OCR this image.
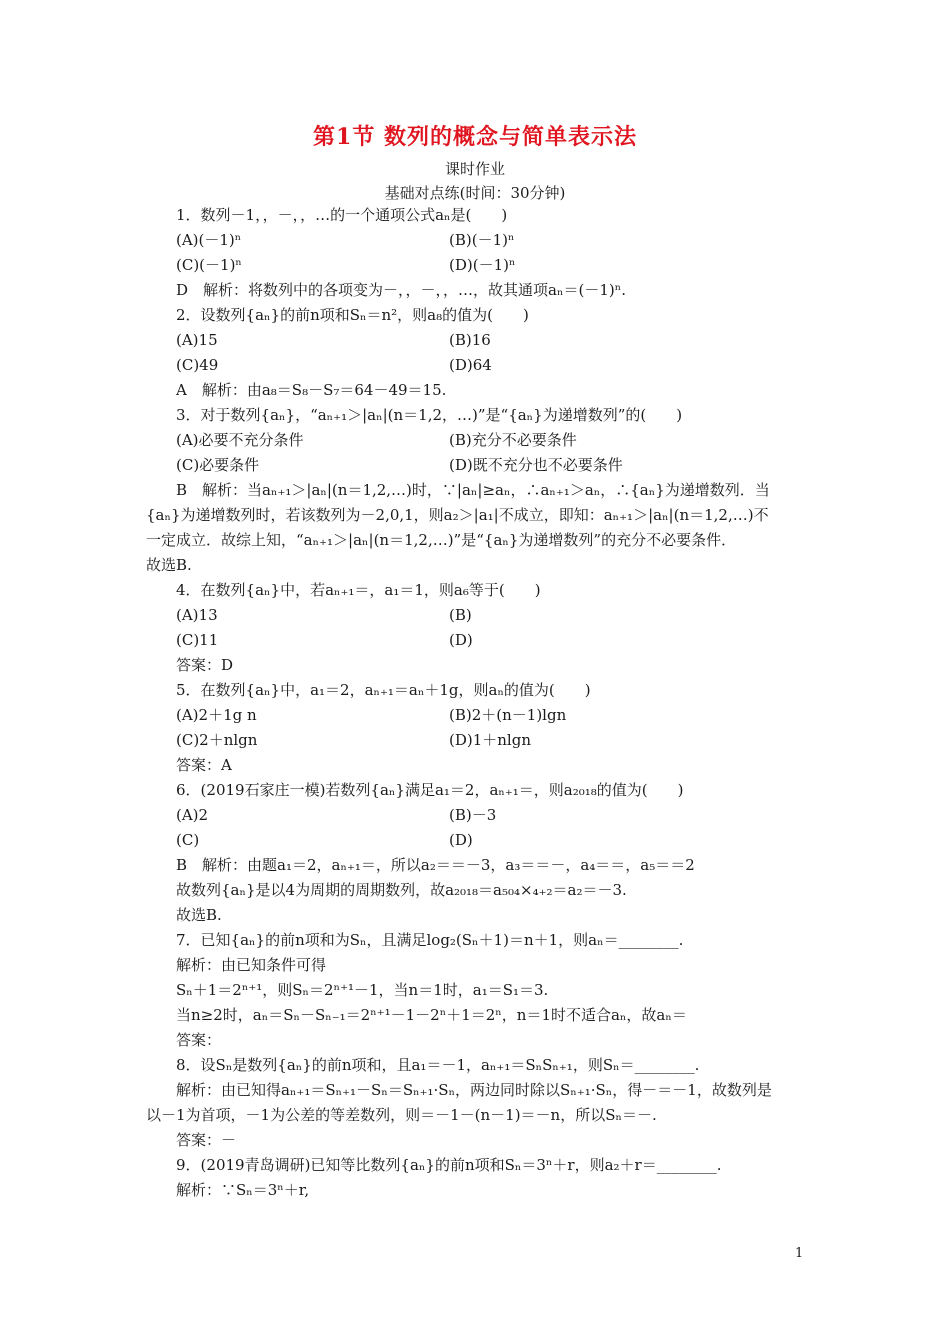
第1节 数列的概念与简单表示法
课时作业
基础对点练(时间：30分钟)
1．数列－1，，－，，…的一个通项公式aₙ是(　　)
(A)(－1)ⁿ	(B)(－1)ⁿ
(C)(－1)ⁿ	(D)(－1)ⁿ
D　解析：将数列中的各项变为－，，－，，…，故其通项aₙ＝(－1)ⁿ.
2．设数列{aₙ}的前n项和Sₙ＝n²，则a₈的值为(　　)
(A)15	(B)16
(C)49	(D)64
A　解析：由a₈＝S₈－S₇＝64－49＝15.
3．对于数列{aₙ}，“aₙ₊₁＞|aₙ|(n＝1,2，…)”是“{aₙ}为递增数列”的(　　)
(A)必要不充分条件	(B)充分不必要条件
(C)必要条件	(D)既不充分也不必要条件
B　解析：当aₙ₊₁＞|aₙ|(n＝1,2,…)时，∵|aₙ|≥aₙ，∴aₙ₊₁＞aₙ，∴{aₙ}为递增数列．当
{aₙ}为递增数列时，若该数列为－2,0,1，则a₂＞|a₁|不成立，即知：aₙ₊₁＞|aₙ|(n＝1,2,…)不
一定成立．故综上知，“aₙ₊₁＞|aₙ|(n＝1,2,…)”是“{aₙ}为递增数列”的充分不必要条件．
故选B.
4．在数列{aₙ}中，若aₙ₊₁＝，a₁＝1，则a₆等于(　　)
(A)13	(B)
(C)11	(D)
答案：D
5．在数列{aₙ}中，a₁＝2，aₙ₊₁＝aₙ＋1g，则aₙ的值为(　　)
(A)2＋1g n	(B)2＋(n－1)lgn
(C)2＋nlgn	(D)1＋nlgn
答案：A
6．(2019石家庄一模)若数列{aₙ}满足a₁＝2，aₙ₊₁＝，则a₂₀₁₈的值为(　　)
(A)2	(B)－3
(C)	(D)
B　解析：由题a₁＝2，aₙ₊₁＝，所以a₂＝＝－3，a₃＝＝－，a₄＝＝，a₅＝＝2
故数列{aₙ}是以4为周期的周期数列，故a₂₀₁₈＝a₅₀₄×₄₊₂＝a₂＝－3.
故选B.
7．已知{aₙ}的前n项和为Sₙ，且满足log₂(Sₙ＋1)＝n＋1，则aₙ＝________.
解析：由已知条件可得
Sₙ＋1＝2ⁿ⁺¹，则Sₙ＝2ⁿ⁺¹－1，当n＝1时，a₁＝S₁＝3.
当n≥2时，aₙ＝Sₙ－Sₙ₋₁＝2ⁿ⁺¹－1－2ⁿ＋1＝2ⁿ，n＝1时不适合aₙ，故aₙ＝
答案：
8．设Sₙ是数列{aₙ}的前n项和，且a₁＝－1，aₙ₊₁＝SₙSₙ₊₁，则Sₙ＝________.
解析：由已知得aₙ₊₁＝Sₙ₊₁－Sₙ＝Sₙ₊₁·Sₙ，两边同时除以Sₙ₊₁·Sₙ，得－＝－1，故数列是
以－1为首项，－1为公差的等差数列，则＝－1－(n－1)＝－n，所以Sₙ＝－.
答案：－
9．(2019青岛调研)已知等比数列{aₙ}的前n项和Sₙ＝3ⁿ＋r，则a₂＋r＝________.
解析：∵Sₙ＝3ⁿ＋r,
1
